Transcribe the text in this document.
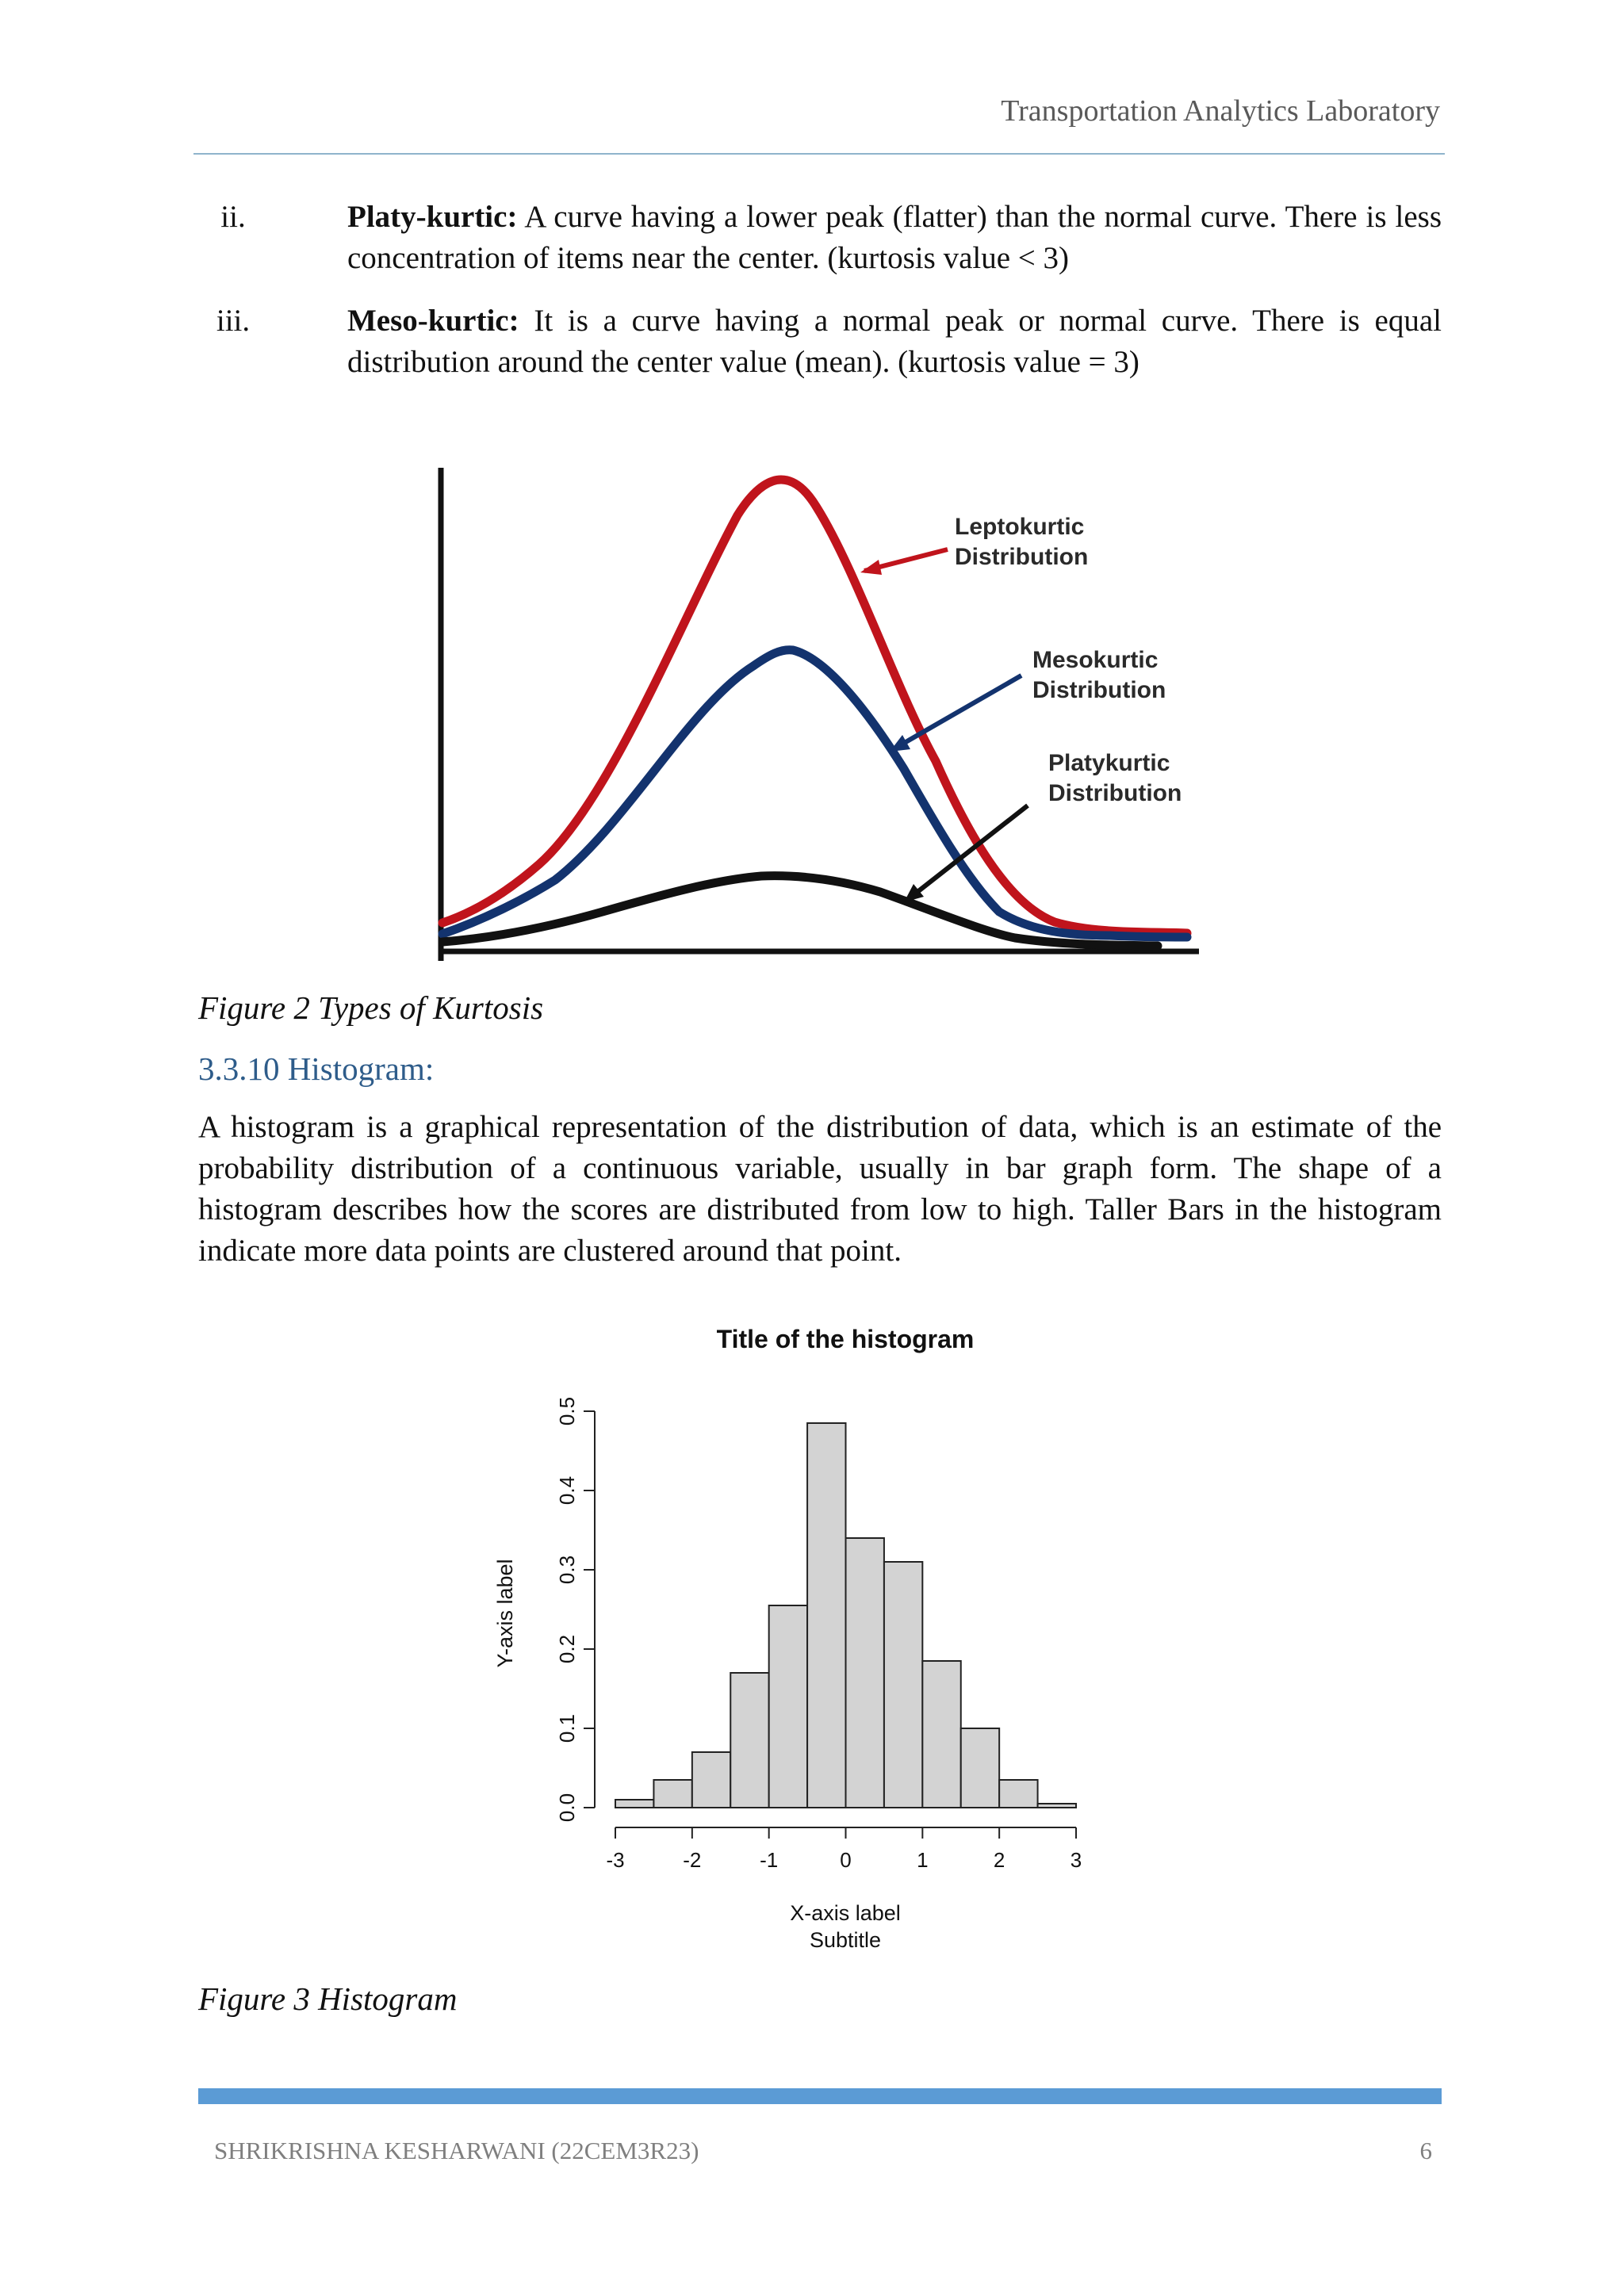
Transportation Analytics Laboratory
ii.	Platy-kurtic: A curve having a lower peak (flatter) than the normal curve. There is less concentration of items near the center. (kurtosis value < 3)
iii.	Meso-kurtic: It is a curve having a normal peak or normal curve. There is equal distribution around the center value (mean). (kurtosis value = 3)
Leptokurtic
Distribution
Mesokurtic
Distribution
Platykurtic
Distribution
Figure 2 Types of Kurtosis
3.3.10 Histogram:
A histogram is a graphical representation of the distribution of data, which is an estimate of the probability distribution of a continuous variable, usually in bar graph form. The shape of a histogram describes how the scores are distributed from low to high. Taller Bars in the histogram indicate more data points are clustered around that point.
Title of the histogram
0.0
0.1
0.2
0.3
0.4
0.5
-3	-2	-1	0	1	2	3
X-axis label
Subtitle
Y-axis label
Figure 3 Histogram
SHRIKRISHNA KESHARWANI (22CEM3R23)	6
